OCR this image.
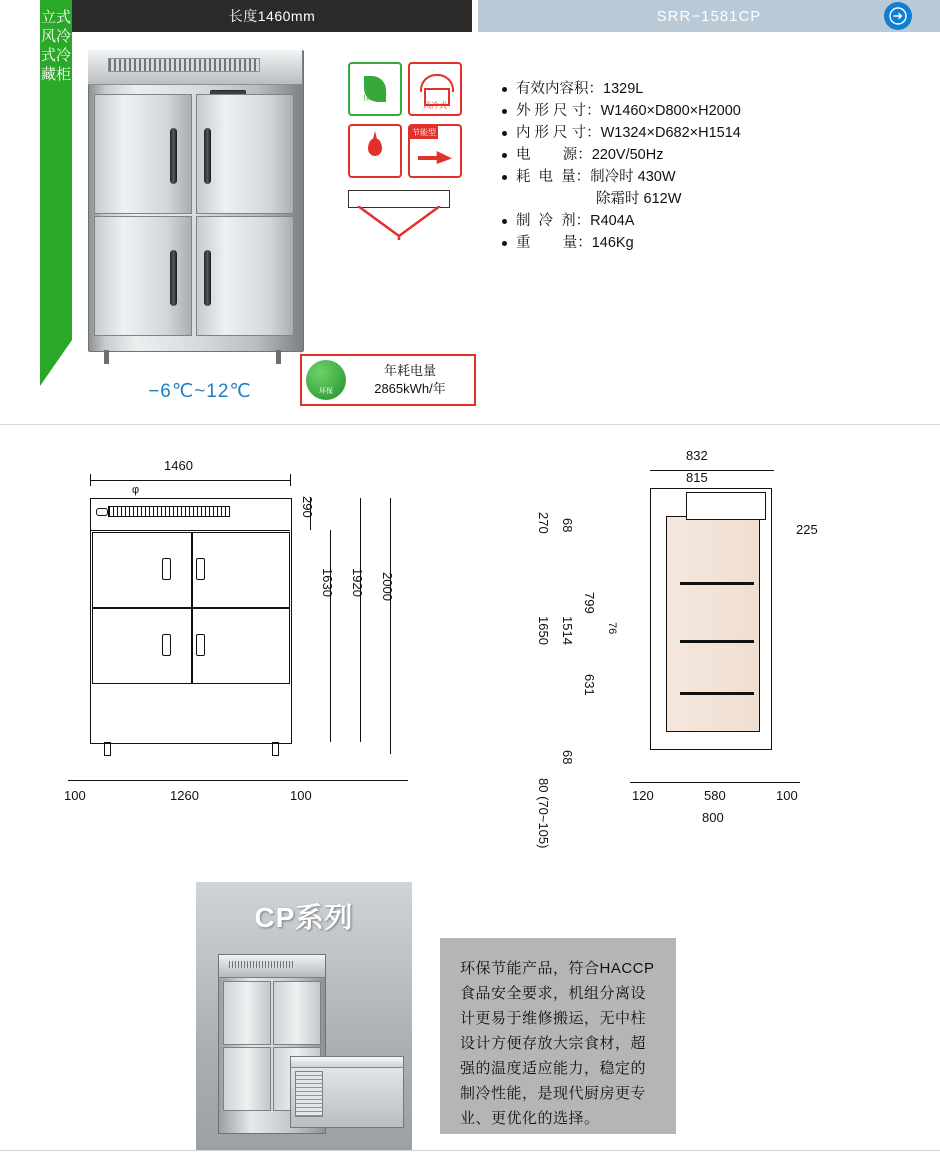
长度1460mm	SRR−1581CP
立式风冷式冷藏柜
−6℃~12℃
保温材
风冷式
节能型
有效内容积：1329L
外 形 尺 寸：W1460×D800×H2000
内 形 尺 寸：W1324×D682×H1514
电        源：220V/50Hz
耗  电  量：制冷时 430W
除霜时 612W
制  冷  剂：R404A
重        量：146Kg
环保
年耗电量
2865kWh/年
1460
φ
290
1630 1920 2000
100	1260	100
832
815
225
270 68
799
76
1650 1514
631
68
80 (70~105)	120	580	100
800
CP系列
环保节能产品，符合HACCP食品安全要求，机组分离设计更易于维修搬运，无中柱设计方便存放大宗食材，超强的温度适应能力，稳定的制冷性能，是现代厨房更专业、更优化的选择。
